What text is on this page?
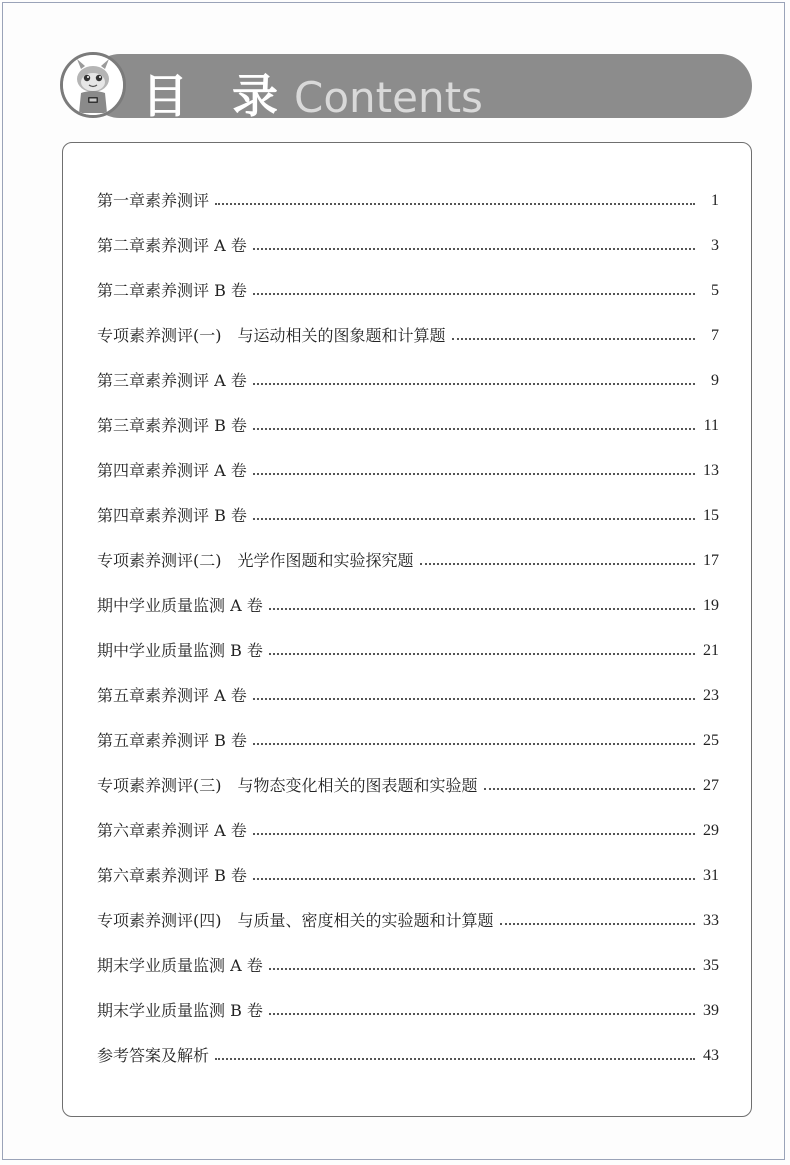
目 录 Contents
第一章素养测评	1
第二章素养测评 A 卷	3
第二章素养测评 B 卷	5
专项素养测评(一)　与运动相关的图象题和计算题	7
第三章素养测评 A 卷	9
第三章素养测评 B 卷	11
第四章素养测评 A 卷	13
第四章素养测评 B 卷	15
专项素养测评(二)　光学作图题和实验探究题	17
期中学业质量监测 A 卷	19
期中学业质量监测 B 卷	21
第五章素养测评 A 卷	23
第五章素养测评 B 卷	25
专项素养测评(三)　与物态变化相关的图表题和实验题	27
第六章素养测评 A 卷	29
第六章素养测评 B 卷	31
专项素养测评(四)　与质量、密度相关的实验题和计算题	33
期末学业质量监测 A 卷	35
期末学业质量监测 B 卷	39
参考答案及解析	43
